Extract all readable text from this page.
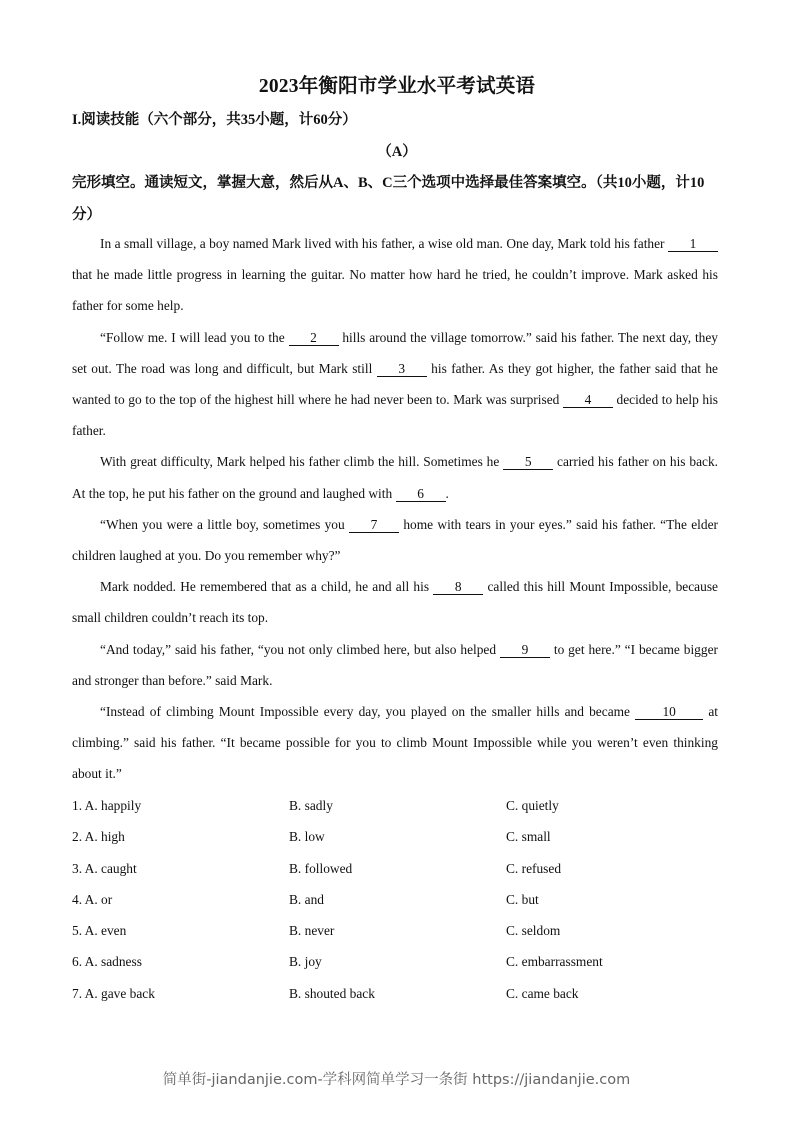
2023年衡阳市学业水平考试英语
I.阅读技能（六个部分，共35小题，计60分）
（A）
完形填空。通读短文，掌握大意，然后从A、B、C三个选项中选择最佳答案填空。（共10小题，计10分）

In a small village, a boy named Mark lived with his father, a wise old man. One day, Mark told his father 1 that he made little progress in learning the guitar. No matter how hard he tried, he couldn’t improve. Mark asked his father for some help.

“Follow me. I will lead you to the 2 hills around the village tomorrow.” said his father. The next day, they set out. The road was long and difficult, but Mark still 3 his father. As they got higher, the father said that he wanted to go to the top of the highest hill where he had never been to. Mark was surprised 4 decided to help his father.

With great difficulty, Mark helped his father climb the hill. Sometimes he 5 carried his father on his back. At the top, he put his father on the ground and laughed with 6 .

“When you were a little boy, sometimes you 7 home with tears in your eyes.” said his father. “The elder children laughed at you. Do you remember why?”

Mark nodded. He remembered that as a child, he and all his 8 called this hill Mount Impossible, because small children couldn’t reach its top.

“And today,” said his father, “you not only climbed here, but also helped 9 to get here.” “I became bigger and stronger than before.” said Mark.

“Instead of climbing Mount Impossible every day, you played on the smaller hills and became 10 at climbing.” said his father. “It became possible for you to climb Mount Impossible while you weren’t even thinking about it.”

1. A. happily	B. sadly	C. quietly
2. A. high	B. low	C. small
3. A. caught	B. followed	C. refused
4. A. or	B. and	C. but
5. A. even	B. never	C. seldom
6. A. sadness	B. joy	C. embarrassment
7. A. gave back	B. shouted back	C. came back
简单街-jiandanjie.com-学科网简单学习一条街 https://jiandanjie.com
